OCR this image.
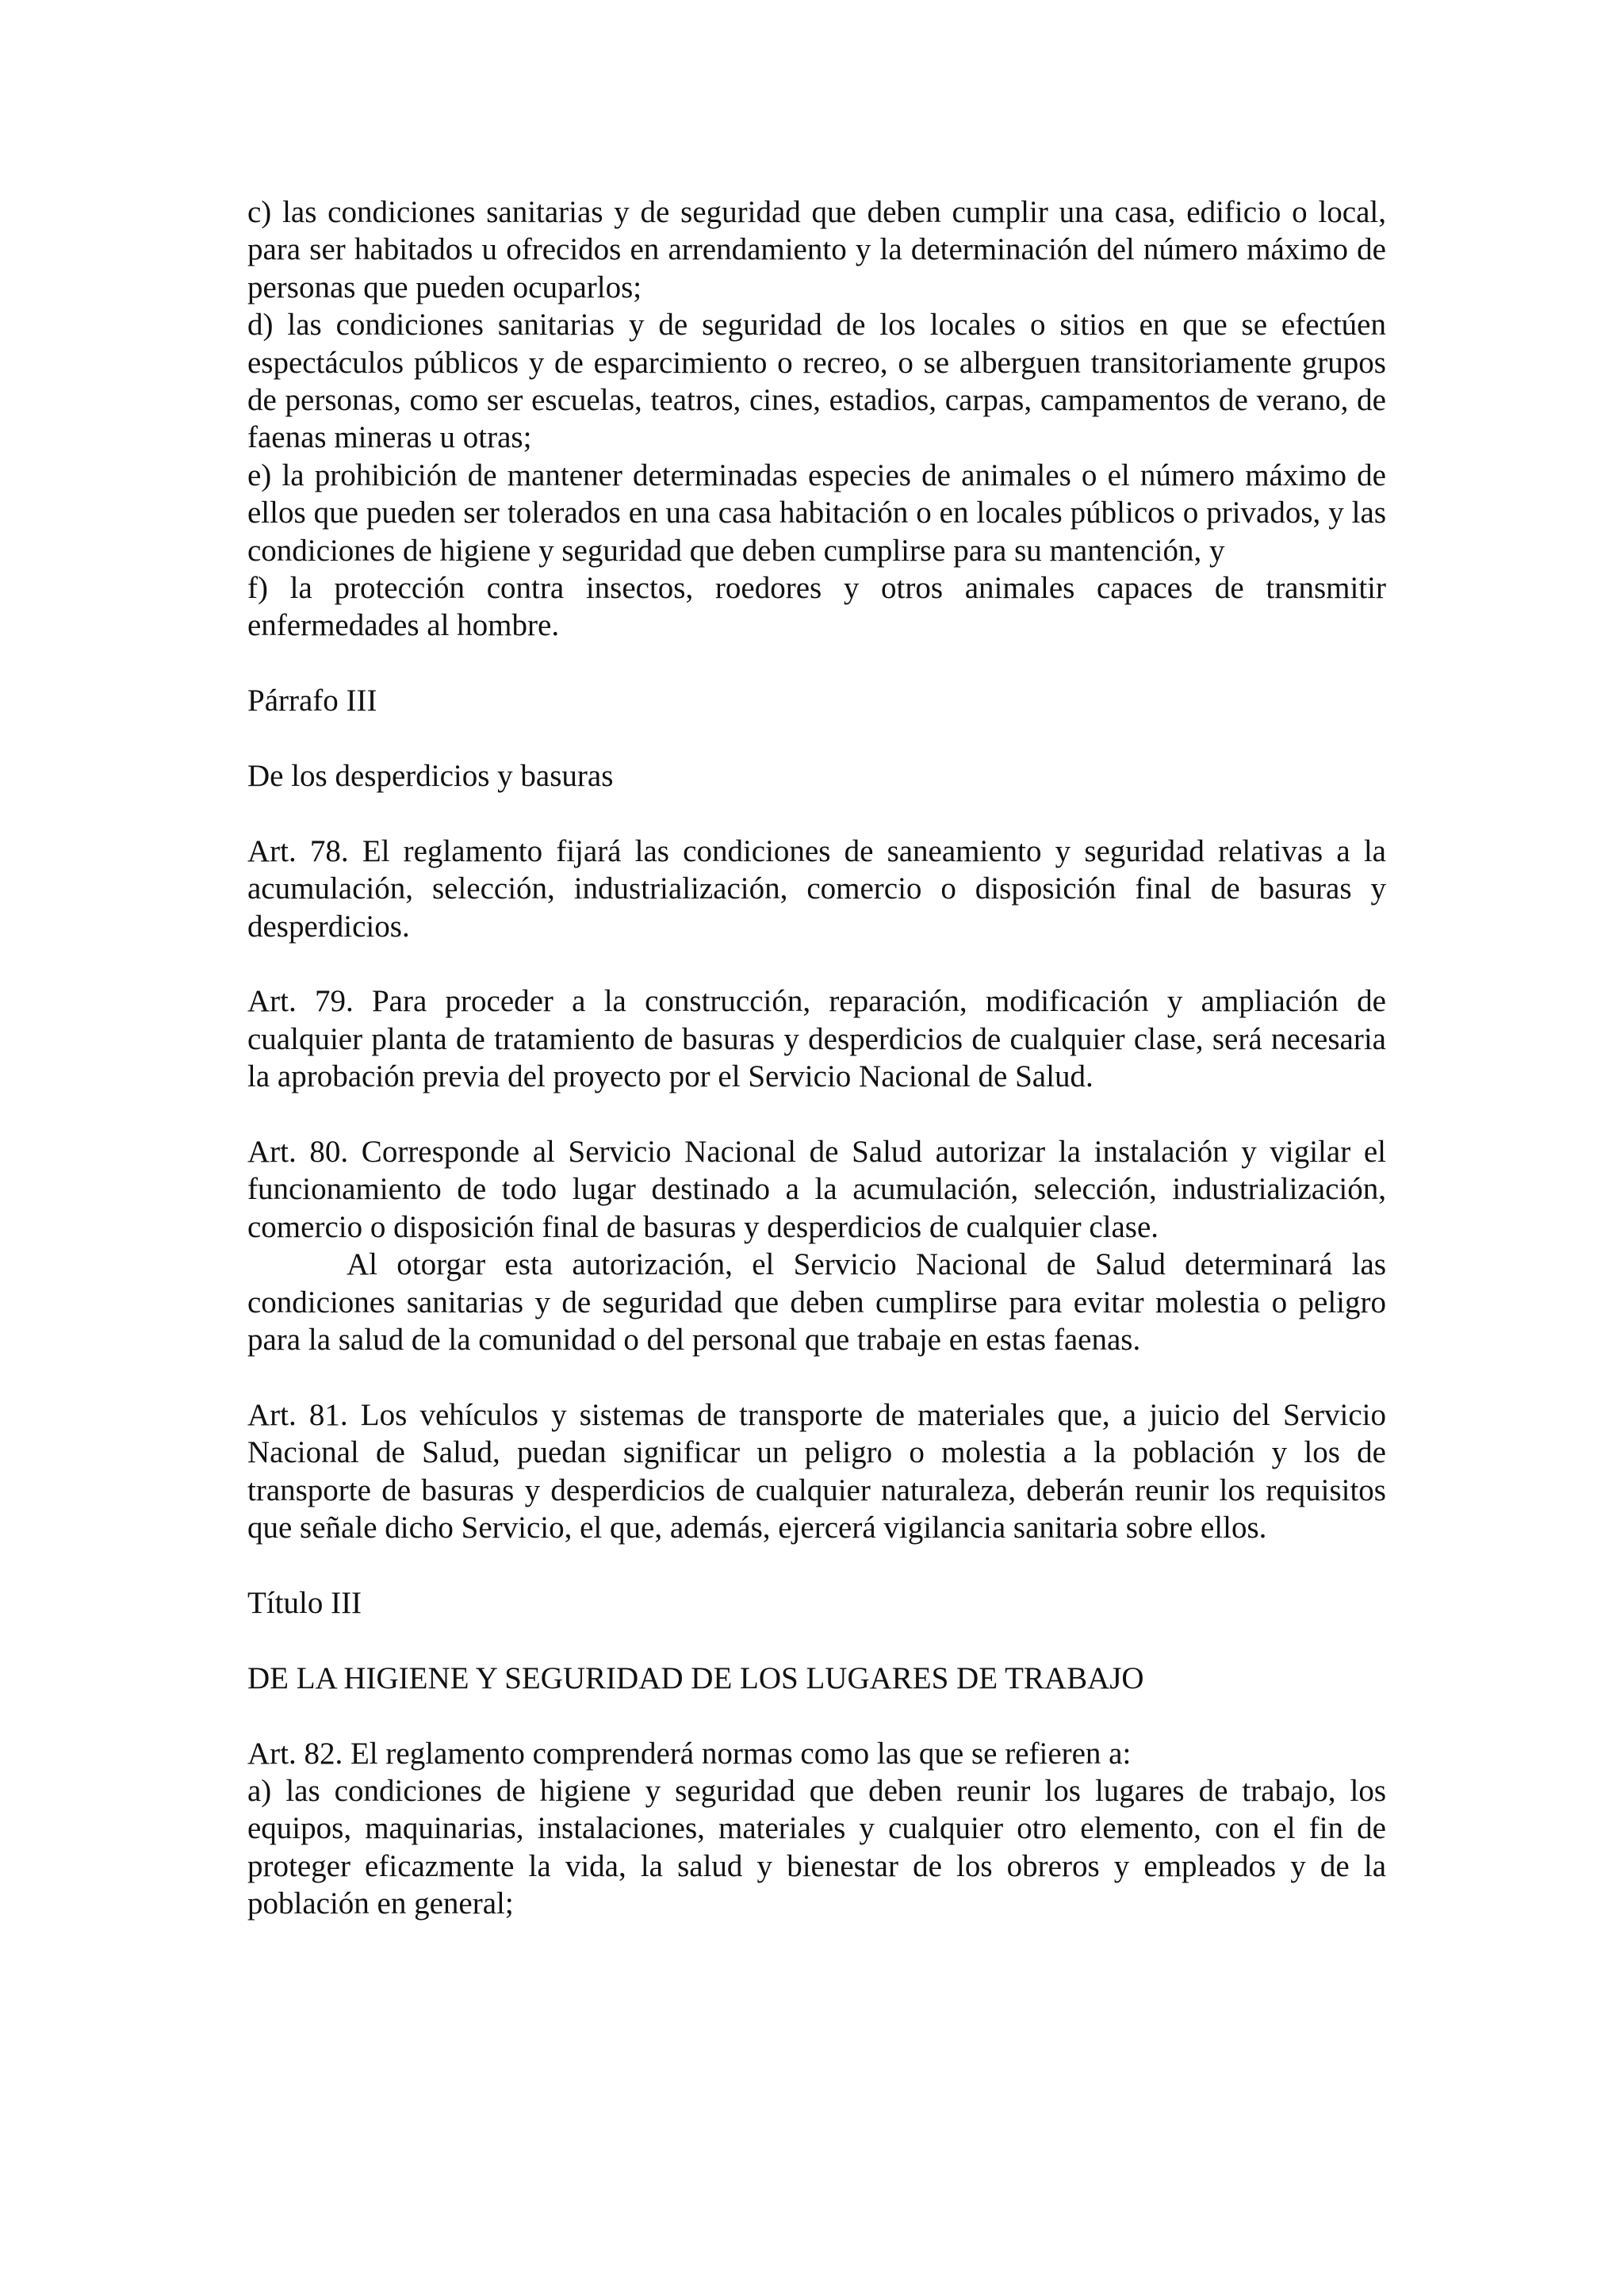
c) las condiciones sanitarias y de seguridad que deben cumplir una casa, edificio o local, para ser habitados u ofrecidos en arrendamiento y la determinación del número máximo de personas que pueden ocuparlos;

d) las condiciones sanitarias y de seguridad de los locales o sitios en que se efectúen espectáculos públicos y de esparcimiento o recreo, o se alberguen transitoriamente grupos de personas, como ser escuelas, teatros, cines, estadios, carpas, campamentos de verano, de faenas mineras u otras;

e) la prohibición de mantener determinadas especies de animales o el número máximo de ellos que pueden ser tolerados en una casa habitación o en locales públicos o privados, y las condiciones de higiene y seguridad que deben cumplirse para su mantención, y

f) la protección contra insectos, roedores y otros animales capaces de transmitir enfermedades al hombre.

Párrafo III

De los desperdicios y basuras

Art. 78. El reglamento fijará las condiciones de saneamiento y seguridad relativas a la acumulación, selección, industrialización, comercio o disposición final de basuras y desperdicios.

Art. 79. Para proceder a la construcción, reparación, modificación y ampliación de cualquier planta de tratamiento de basuras y desperdicios de cualquier clase, será necesaria la aprobación previa del proyecto por el Servicio Nacional de Salud.

Art. 80. Corresponde al Servicio Nacional de Salud autorizar la instalación y vigilar el funcionamiento de todo lugar destinado a la acumulación, selección, industrialización, comercio o disposición final de basuras y desperdicios de cualquier clase.

Al otorgar esta autorización, el Servicio Nacional de Salud determinará las condiciones sanitarias y de seguridad que deben cumplirse para evitar molestia o peligro para la salud de la comunidad o del personal que trabaje en estas faenas.

Art. 81. Los vehículos y sistemas de transporte de materiales que, a juicio del Servicio Nacional de Salud, puedan significar un peligro o molestia a la población y los de transporte de basuras y desperdicios de cualquier naturaleza, deberán reunir los requisitos que señale dicho Servicio, el que, además, ejercerá vigilancia sanitaria sobre ellos.

Título III

DE LA HIGIENE Y SEGURIDAD DE LOS LUGARES DE TRABAJO

Art. 82. El reglamento comprenderá normas como las que se refieren a:

a) las condiciones de higiene y seguridad que deben reunir los lugares de trabajo, los equipos, maquinarias, instalaciones, materiales y cualquier otro elemento, con el fin de proteger eficazmente la vida, la salud y bienestar de los obreros y empleados y de la población en general;
